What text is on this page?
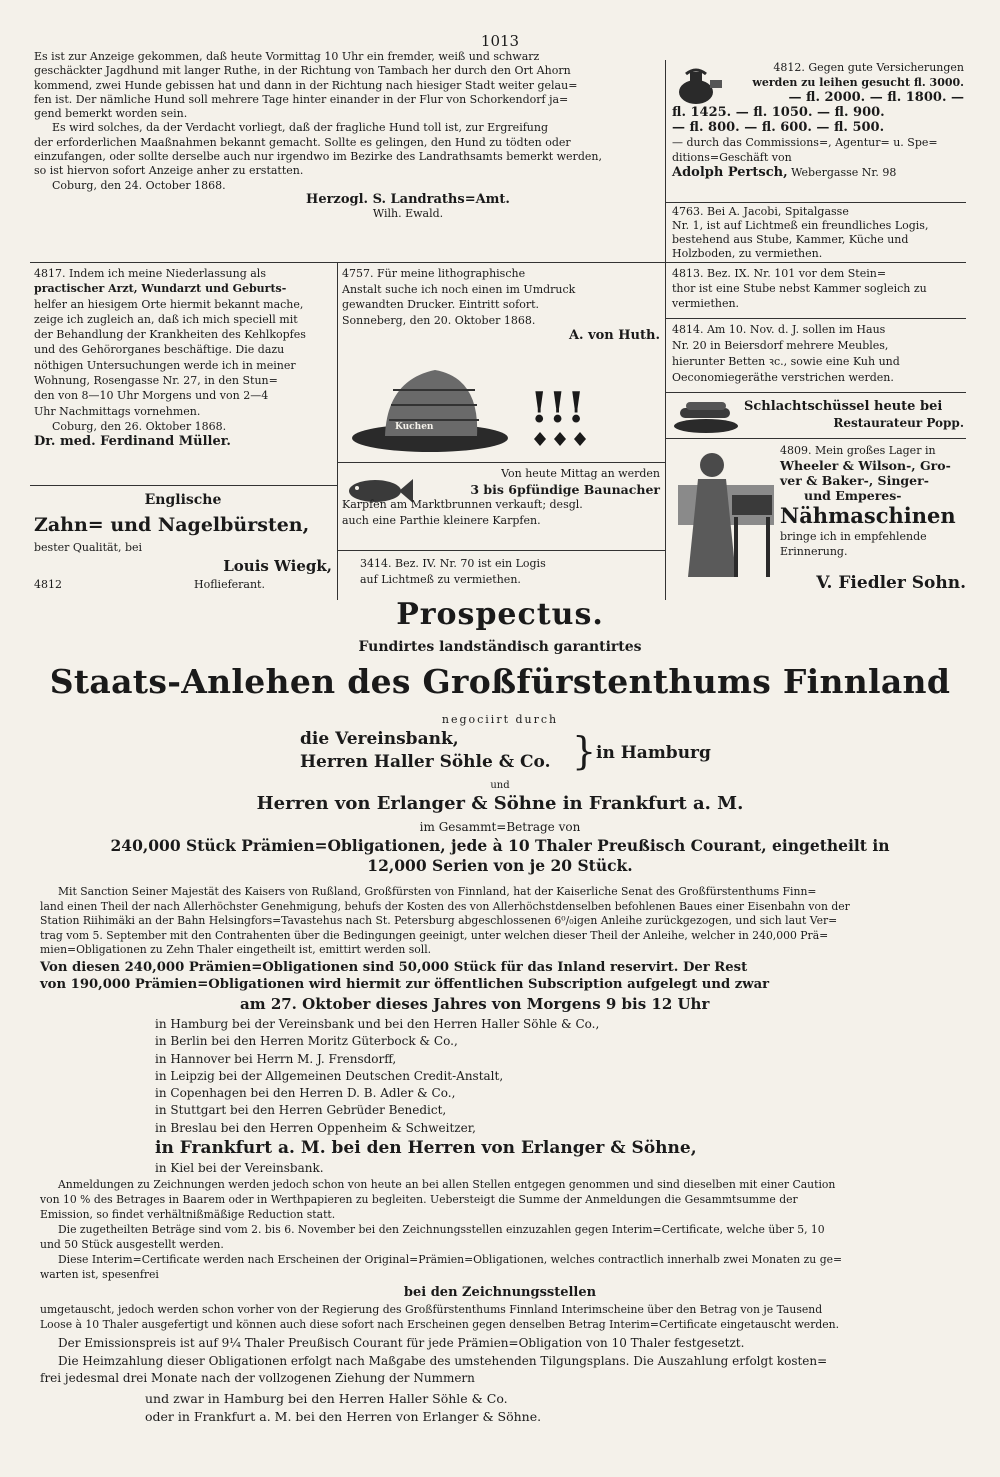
1013

Es ist zur Anzeige gekommen, daß heute Vormittag 10 Uhr ein fremder, weiß und schwarz

geschäckter Jagdhund mit langer Ruthe, in der Richtung von Tambach her durch den Ort Ahorn

kommend, zwei Hunde gebissen hat und dann in der Richtung nach hiesiger Stadt weiter gelau=

fen ist. Der nämliche Hund soll mehrere Tage hinter einander in der Flur von Schorkendorf ja=

gend bemerkt worden sein.

Es wird solches, da der Verdacht vorliegt, daß der fragliche Hund toll ist, zur Ergreifung

der erforderlichen Maaßnahmen bekannt gemacht. Sollte es gelingen, den Hund zu tödten oder

einzufangen, oder sollte derselbe auch nur irgendwo im Bezirke des Landrathsamts bemerkt werden,

so ist hiervon sofort Anzeige anher zu erstatten.

Coburg, den 24. October 1868.

Herzogl. S. Landraths=Amt.

Wilh. Ewald.

4812. Gegen gute Versicherungen

werden zu leihen gesucht fl. 3000.

— fl. 2000. — fl. 1800. —

fl. 1425. — fl. 1050. — fl. 900.

— fl. 800. — fl. 600. — fl. 500.

— durch das Commissions=, Agentur= u. Spe=

ditions=Geschäft von

Adolph Pertsch, Webergasse Nr. 98

4763. Bei A. Jacobi, Spitalgasse

Nr. 1, ist auf Lichtmeß ein freundliches Logis,

bestehend aus Stube, Kammer, Küche und

Holzboden, zu vermiethen.

4813. Bez. IX. Nr. 101 vor dem Stein=

thor ist eine Stube nebst Kammer sogleich zu

vermiethen.

4814. Am 10. Nov. d. J. sollen im Haus

Nr. 20 in Beiersdorf mehrere Meubles,

hierunter Betten ꝛc., sowie eine Kuh und

Oeconomiegeräthe verstrichen werden.

Schlachtschüssel heute bei

Restaurateur Popp.

4809. Mein großes Lager in

Wheeler & Wilson-, Gro-

ver & Baker-, Singer-

und Emperes-

Nähmaschinen

bringe ich in empfehlende

Erinnerung.

V. Fiedler Sohn.

4817. Indem ich meine Niederlassung als

practischer Arzt, Wundarzt und Geburts-

helfer an hiesigem Orte hiermit bekannt mache,

zeige ich zugleich an, daß ich mich speciell mit

der Behandlung der Krankheiten des Kehlkopfes

und des Gehörorganes beschäftige. Die dazu

nöthigen Untersuchungen werde ich in meiner

Wohnung, Rosengasse Nr. 27, in den Stun=

den von 8—10 Uhr Morgens und von 2—4

Uhr Nachmittags vornehmen.

Coburg, den 26. Oktober 1868.

Dr. med. Ferdinand Müller.

Englische

Zahn= und Nagelbürsten,

bester Qualität, bei

Louis Wiegk,

4812	Hoflieferant.

4757. Für meine lithographische

Anstalt suche ich noch einen im Umdruck

gewandten Drucker. Eintritt sofort.

Sonneberg, den 20. Oktober 1868.

A. von Huth.

Kuchen	!!!

Von heute Mittag an werden

3 bis 6pfündige Baunacher

Karpfen am Marktbrunnen verkauft; desgl.

auch eine Parthie kleinere Karpfen.

3414. Bez. IV. Nr. 70 ist ein Logis

auf Lichtmeß zu vermiethen.

Prospectus.
Fundirtes landständisch garantirtes
Staats-Anlehen des Großfürstenthums Finnland
negociirt durch
die Vereinsbank,
Herren Haller Söhle & Co. } in Hamburg
und
Herren von Erlanger & Söhne in Frankfurt a. M.
im Gesammt=Betrage von
240,000 Stück Prämien=Obligationen, jede à 10 Thaler Preußisch Courant, eingetheilt in
12,000 Serien von je 20 Stück.

Mit Sanction Seiner Majestät des Kaisers von Rußland, Großfürsten von Finnland, hat der Kaiserliche Senat des Großfürstenthums Finn=

land einen Theil der nach Allerhöchster Genehmigung, behufs der Kosten des von Allerhöchstdenselben befohlenen Baues einer Eisenbahn von der

Station Riihimäki an der Bahn Helsingfors=Tavastehus nach St. Petersburg abgeschlossenen 6⁰/₀igen Anleihe zurückgezogen, und sich laut Ver=

trag vom 5. September mit den Contrahenten über die Bedingungen geeinigt, unter welchen dieser Theil der Anleihe, welcher in 240,000 Prä=

mien=Obligationen zu Zehn Thaler eingetheilt ist, emittirt werden soll.

Von diesen 240,000 Prämien=Obligationen sind 50,000 Stück für das Inland reservirt. Der Rest
von 190,000 Prämien=Obligationen wird hiermit zur öffentlichen Subscription aufgelegt und zwar
am 27. Oktober dieses Jahres von Morgens 9 bis 12 Uhr

in Hamburg bei der Vereinsbank und bei den Herren Haller Söhle & Co.,

in Berlin bei den Herren Moritz Güterbock & Co.,

in Hannover bei Herrn M. J. Frensdorff,

in Leipzig bei der Allgemeinen Deutschen Credit-Anstalt,

in Copenhagen bei den Herren D. B. Adler & Co.,

in Stuttgart bei den Herren Gebrüder Benedict,

in Breslau bei den Herren Oppenheim & Schweitzer,

in Frankfurt a. M. bei den Herren von Erlanger & Söhne,
in Kiel bei der Vereinsbank.

Anmeldungen zu Zeichnungen werden jedoch schon von heute an bei allen Stellen entgegen genommen und sind dieselben mit einer Caution

von 10 % des Betrages in Baarem oder in Werthpapieren zu begleiten. Uebersteigt die Summe der Anmeldungen die Gesammtsumme der

Emission, so findet verhältnißmäßige Reduction statt.

Die zugetheilten Beträge sind vom 2. bis 6. November bei den Zeichnungsstellen einzuzahlen gegen Interim=Certificate, welche über 5, 10

und 50 Stück ausgestellt werden.

Diese Interim=Certificate werden nach Erscheinen der Original=Prämien=Obligationen, welches contractlich innerhalb zwei Monaten zu ge=

warten ist, spesenfrei

bei den Zeichnungsstellen

umgetauscht, jedoch werden schon vorher von der Regierung des Großfürstenthums Finnland Interimscheine über den Betrag von je Tausend

Loose à 10 Thaler ausgefertigt und können auch diese sofort nach Erscheinen gegen denselben Betrag Interim=Certificate eingetauscht werden.

Der Emissionspreis ist auf 9¼ Thaler Preußisch Courant für jede Prämien=Obligation von 10 Thaler festgesetzt.
Die Heimzahlung dieser Obligationen erfolgt nach Maßgabe des umstehenden Tilgungsplans. Die Auszahlung erfolgt kosten=
frei jedesmal drei Monate nach der vollzogenen Ziehung der Nummern
und zwar in Hamburg bei den Herren Haller Söhle & Co.
oder in Frankfurt a. M. bei den Herren von Erlanger & Söhne.
